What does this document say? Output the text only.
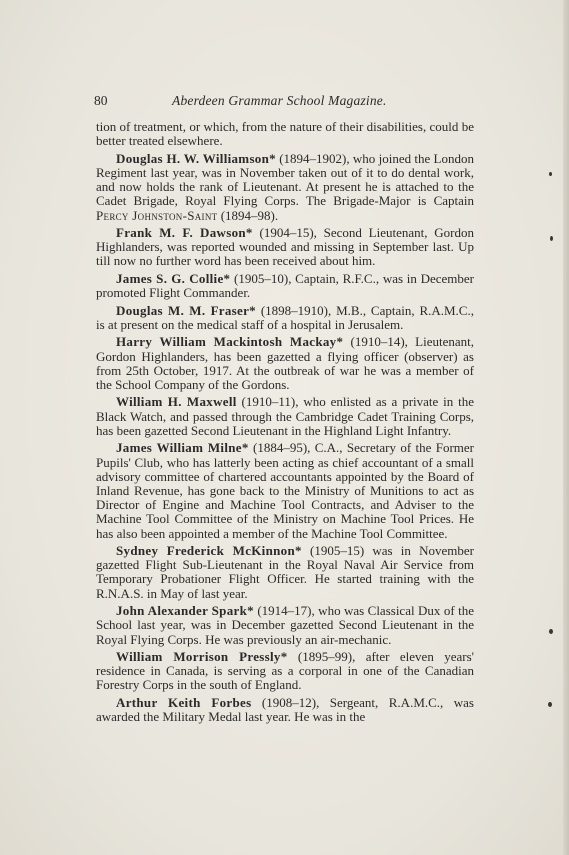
80	Aberdeen Grammar School Magazine.

tion of treatment, or which, from the nature of their disabilities, could be better treated elsewhere.

Douglas H. W. Williamson* (1894–1902), who joined the London Regiment last year, was in November taken out of it to do dental work, and now holds the rank of Lieutenant. At present he is attached to the Cadet Brigade, Royal Flying Corps. The Brigade-Major is Captain Percy Johnston-Saint (1894–98).

Frank M. F. Dawson* (1904–15), Second Lieutenant, Gordon Highlanders, was reported wounded and missing in September last. Up till now no further word has been received about him.

James S. G. Collie* (1905–10), Captain, R.F.C., was in December promoted Flight Commander.

Douglas M. M. Fraser* (1898–1910), M.B., Captain, R.A.M.C., is at present on the medical staff of a hospital in Jerusalem.

Harry William Mackintosh Mackay* (1910–14), Lieutenant, Gordon Highlanders, has been gazetted a flying officer (observer) as from 25th October, 1917. At the outbreak of war he was a member of the School Company of the Gordons.

William H. Maxwell (1910–11), who enlisted as a private in the Black Watch, and passed through the Cambridge Cadet Training Corps, has been gazetted Second Lieutenant in the Highland Light Infantry.

James William Milne* (1884–95), C.A., Secretary of the Former Pupils' Club, who has latterly been acting as chief accountant of a small advisory committee of chartered accountants appointed by the Board of Inland Revenue, has gone back to the Ministry of Munitions to act as Director of Engine and Machine Tool Contracts, and Adviser to the Machine Tool Committee of the Ministry on Machine Tool Prices. He has also been appointed a member of the Machine Tool Committee.

Sydney Frederick McKinnon* (1905–15) was in November gazetted Flight Sub-Lieutenant in the Royal Naval Air Service from Temporary Probationer Flight Officer. He started training with the R.N.A.S. in May of last year.

John Alexander Spark* (1914–17), who was Classical Dux of the School last year, was in December gazetted Second Lieutenant in the Royal Flying Corps. He was previously an air-mechanic.

William Morrison Pressly* (1895–99), after eleven years' residence in Canada, is serving as a corporal in one of the Canadian Forestry Corps in the south of England.

Arthur Keith Forbes (1908–12), Sergeant, R.A.M.C., was awarded the Military Medal last year. He was in the
